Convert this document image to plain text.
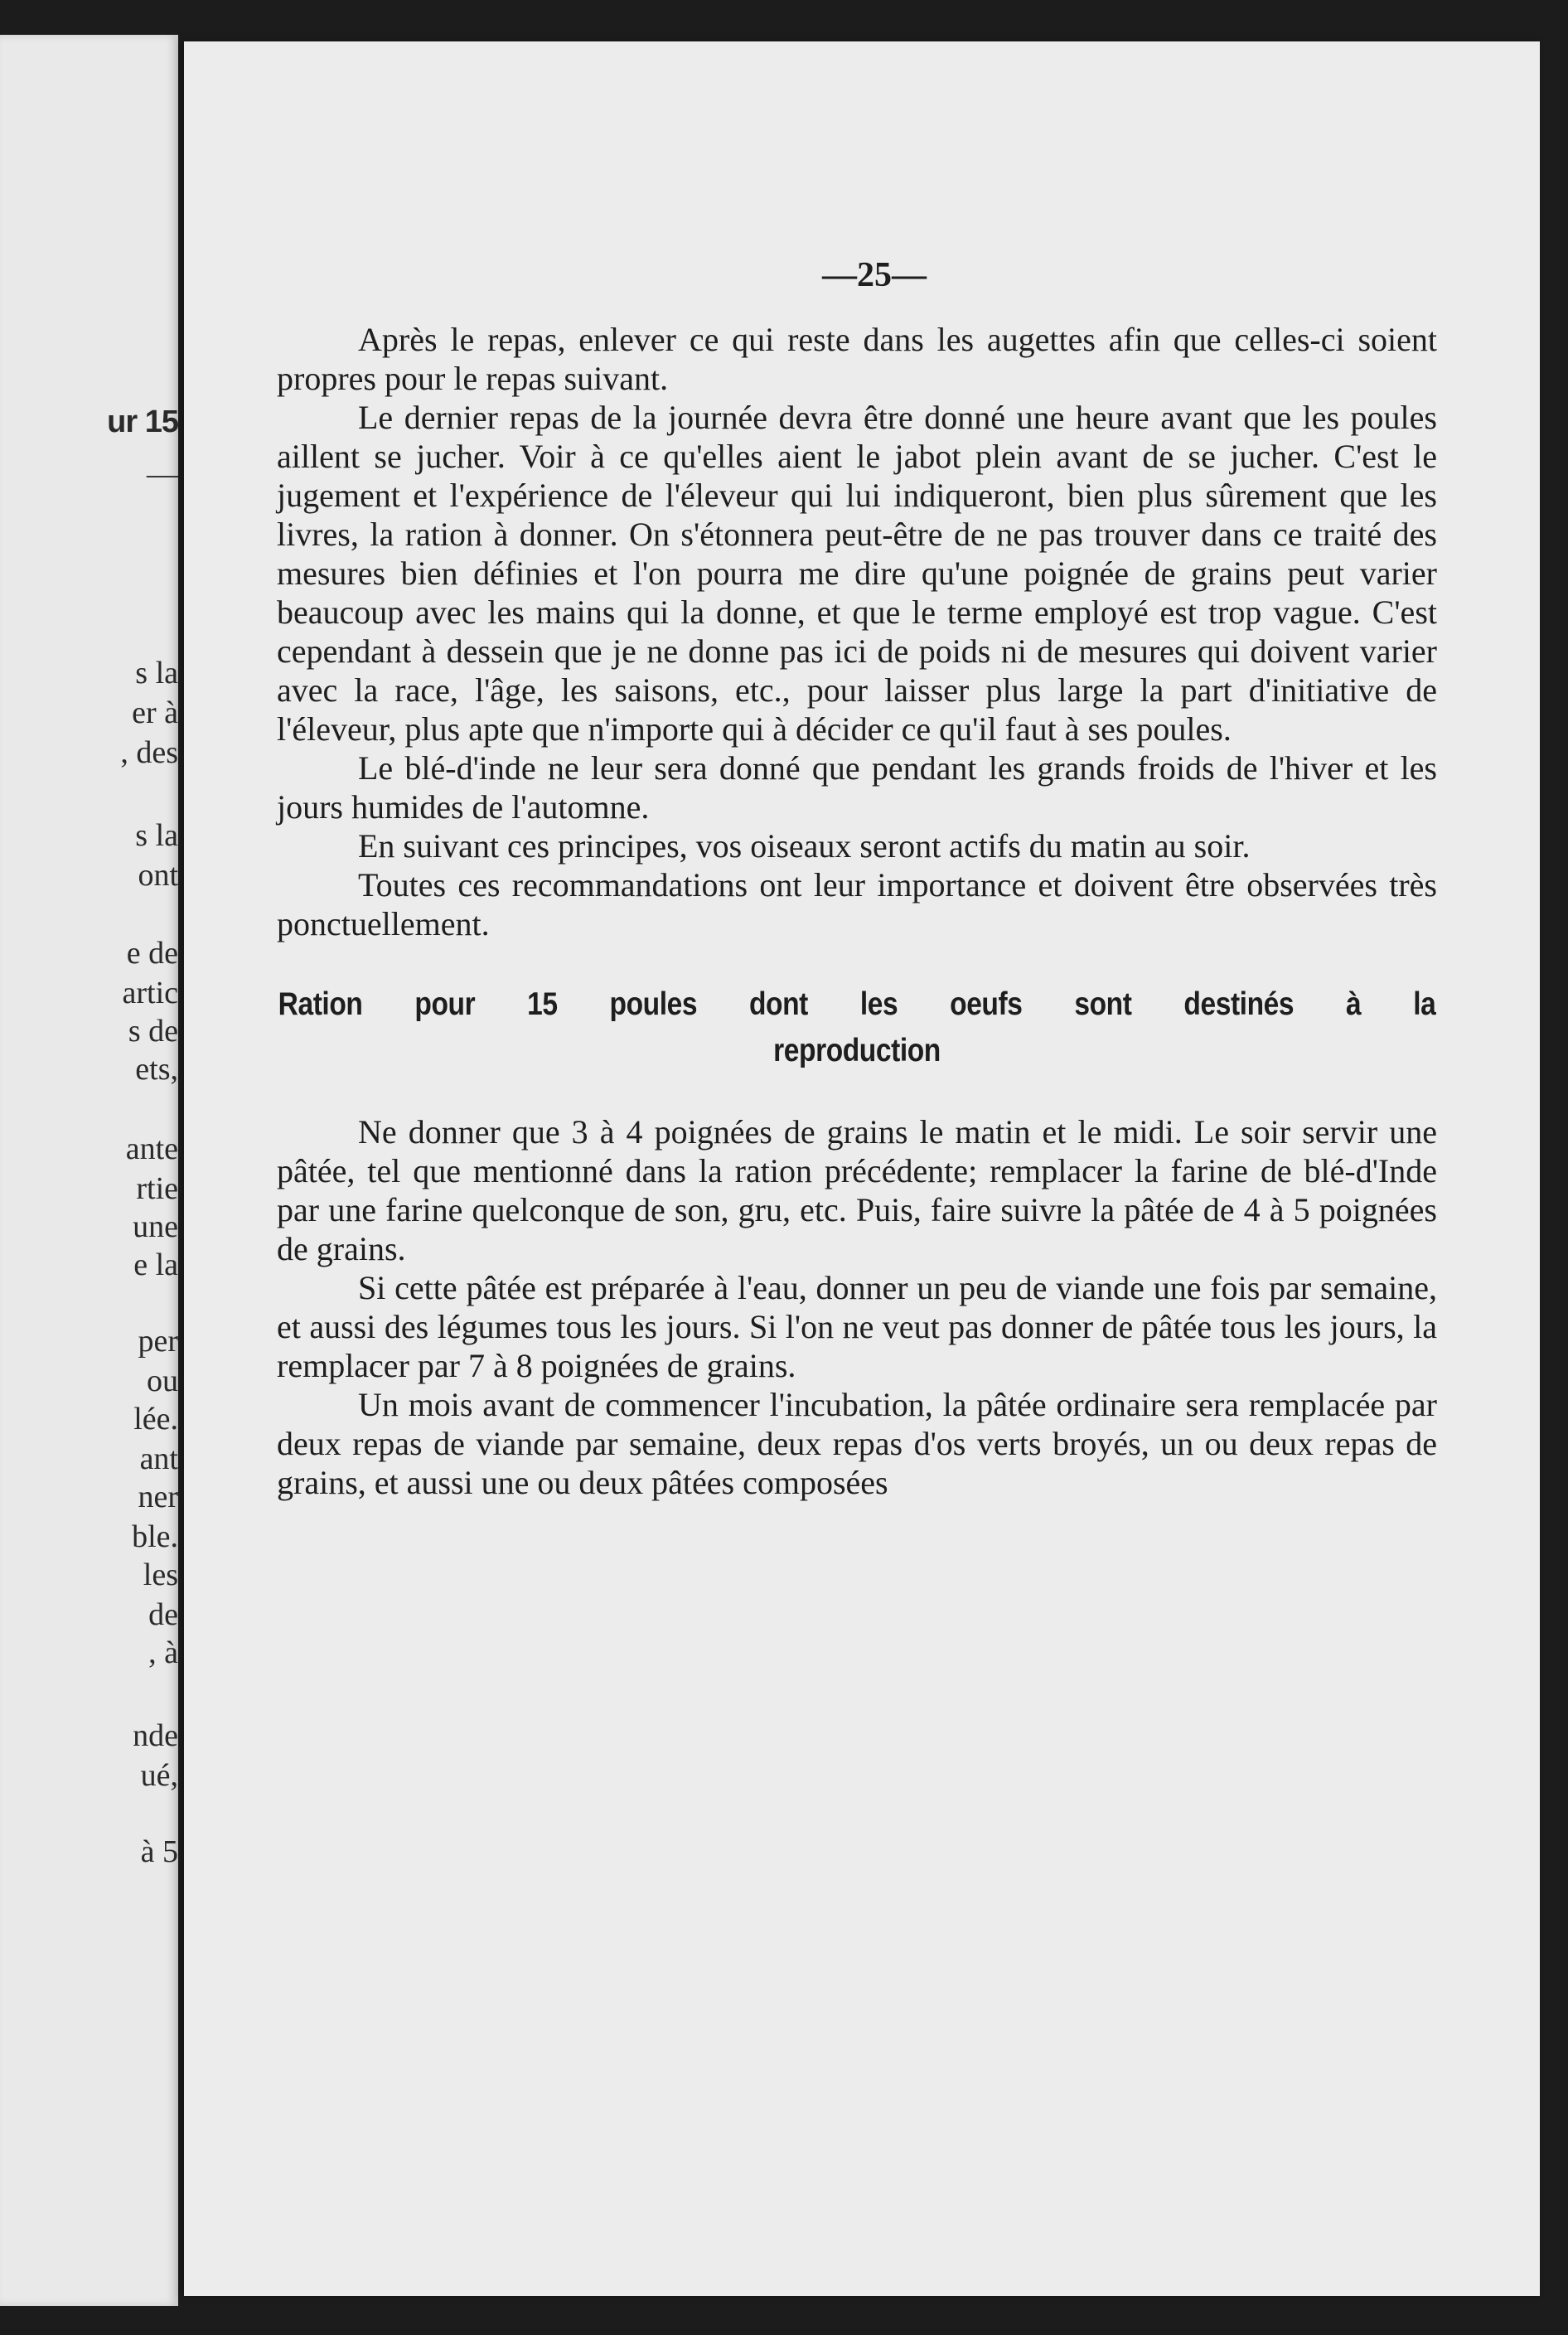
ur 15
—
s la
er à
, des
s la
ont
e de
artic
s de
ets,
ante
rtie
une
e la
per
ou
lée.
ant
ner
ble.
les
de
, à
nde
ué,
à 5
—25—

Après le repas, enlever ce qui reste dans les augettes afin que celles-ci soient propres pour le repas suivant.

Le dernier repas de la journée devra être donné une heure avant que les poules aillent se jucher. Voir à ce qu'elles aient le jabot plein avant de se jucher. C'est le jugement et l'expérience de l'éleveur qui lui indiqueront, bien plus sûrement que les livres, la ration à donner. On s'étonnera peut-être de ne pas trouver dans ce traité des mesures bien définies et l'on pourra me dire qu'une poignée de grains peut varier beaucoup avec les mains qui la donne, et que le terme employé est trop vague. C'est cependant à dessein que je ne donne pas ici de poids ni de mesures qui doivent varier avec la race, l'âge, les saisons, etc., pour laisser plus large la part d'initiative de l'éleveur, plus apte que n'importe qui à décider ce qu'il faut à ses poules.

Le blé-d'inde ne leur sera donné que pendant les grands froids de l'hiver et les jours humides de l'automne.

En suivant ces principes, vos oiseaux seront actifs du matin au soir.

Toutes ces recommandations ont leur importance et doivent être observées très ponctuellement.

Ration pour 15 poules dont les oeufs sont destinés à la
reproduction

Ne donner que 3 à 4 poignées de grains le matin et le midi. Le soir servir une pâtée, tel que mentionné dans la ration précédente; remplacer la farine de blé-d'Inde par une farine quelconque de son, gru, etc. Puis, faire suivre la pâtée de 4 à 5 poignées de grains.

Si cette pâtée est préparée à l'eau, donner un peu de viande une fois par semaine, et aussi des légumes tous les jours. Si l'on ne veut pas donner de pâtée tous les jours, la remplacer par 7 à 8 poignées de grains.

Un mois avant de commencer l'incubation, la pâtée ordinaire sera remplacée par deux repas de viande par semaine, deux repas d'os verts broyés, un ou deux repas de grains, et aussi une ou deux pâtées composées
